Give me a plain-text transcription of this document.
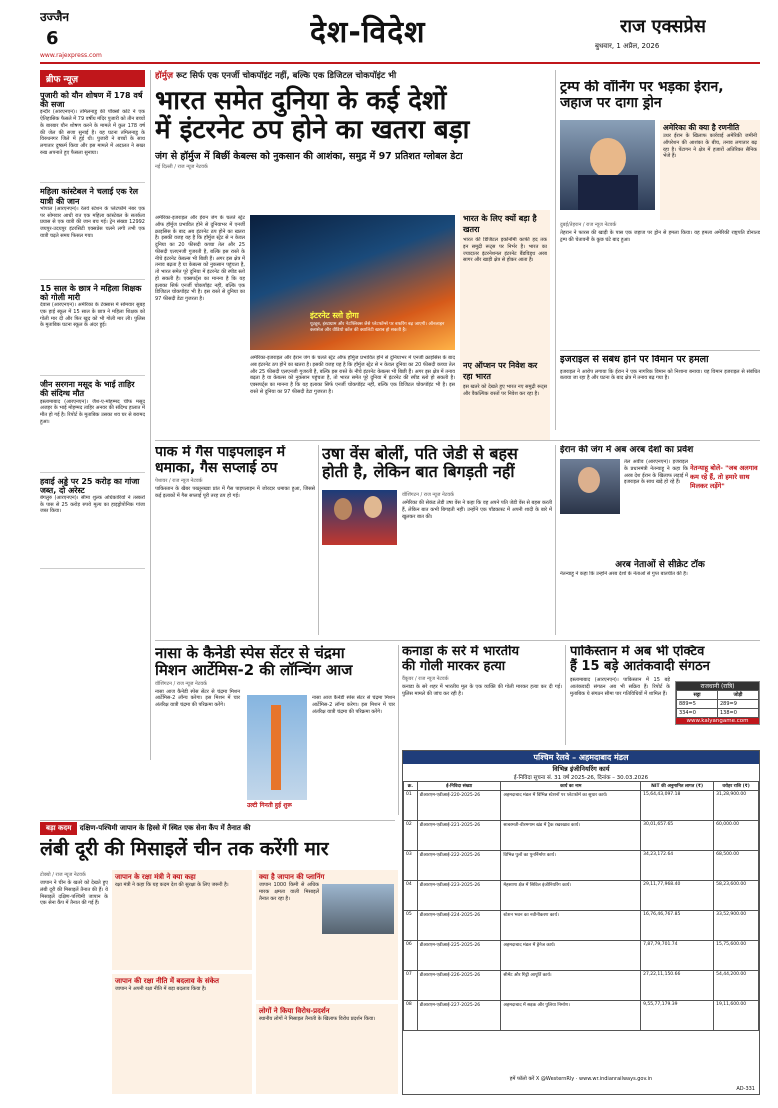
उज्जैन
6	देश-विदेश	राज एक्सप्रेस
बुधवार, 1 अप्रैल, 2026
www.rajexpress.com
ब्रीफ न्यूज़
पुजारी को यौन शोषण में 178 वर्ष की सजा
इन्दौर (आरएनएन)। तमिलनाडु की पॉक्सो कोर्ट ने एक ऐतिहासिक फैसले में 79 वर्षीय मंदिर पुजारी को तीन बच्चों के बारबार यौन शोषण करने के मामले में कुल 178 वर्ष की जेल की सजा सुनाई है। यह घटना तमिलनाडु के विरुधनगर जिले में हुई थी। पुजारी ने बच्चों के साथ लगातार दुष्कर्म किया और इस मामले में अदालत ने सख्त रुख अपनाते हुए फैसला सुनाया।
महिला कांस्टेबल ने चलाई एक रेल यात्री की जान
भोपाल (आरएनएन)। रेलवे स्टेशन के प्लेटफॉर्म नंबर एक पर सोमवार आधी रात एक महिला कांस्टेबल के सतर्कता प्रयास से एक यात्री की जान बच गई। ट्रेन संख्या 12992 जयपुर-उदयपुर इंटरसिटी एक्सप्रेस चलने लगी तभी एक यात्री चढ़ते समय फिसल गया।
15 साल के छात्र ने महिला शिक्षक को गोली मारी
देवास (आरएनएन)। अमेरिका के टेक्सास में सोमवार सुबह एक हाई स्कूल में 15 साल के छात्र ने महिला शिक्षक को गोली मार दी और फिर खुद को भी गोली मार ली। पुलिस के मुताबिक घटना स्कूल के अंदर हुई।
जीन सरगना मसूद के भाई ताहिर की संदिग्ध मौत
इस्लामाबाद (आरएनएन)। जैश-ए-मोहम्मद चीफ मसूद अजहर के भाई मोहम्मद ताहिर अनवर की संदिग्ध हालात में मौत हो गई है। रिपोर्ट के मुताबिक उसका शव घर से बरामद हुआ।
हवाई अड्डे पर 25 करोड़ का गांजा जब्त, दो अरेस्ट
बेंगलुरु (आरएनएन)। सीमा शुल्क अधिकारियों ने तस्करों के पास से 25 करोड़ रुपये मूल्य का हाइड्रोपोनिक गांजा जब्त किया।
हॉर्मुज़ रूट सिर्फ एक एनर्जी चोकपॉइंट नहीं, बल्कि एक डिजिटल चोकपॉइंट भी
भारत समेत दुनिया के कई देशों
में इंटरनेट ठप होने का खतरा बड़ा
जंग से हॉर्मुज में बिछीं केबल्स को नुकसान की आशंका, समुद्र में 97 प्रतिशत ग्लोबल डेटा
नई दिल्ली / राज न्यूज नेटवर्क
इंटरनेट स्लो होगा
यूट्यूब, इंस्टाग्राम और नेटफ्लिक्स जैसे प्लेटफॉर्म्स पर बफरिंग बढ़ जाएगी। ऑनलाइन क्लासेज और वीडियो कॉल की क्वालिटी खराब हो सकती है।
अमेरिका-इजराइल और ईरान जंग के चलते स्ट्रेट ऑफ हॉर्मुज प्रभावित होने से दुनियाभर में एनर्जी क्राइसिस के बाद अब इंटरनेट ठप होने का खतरा है। इसकी वजह यह है कि हॉर्मुज स्ट्रेट से न केवल दुनिया का 20 फीसदी कच्चा तेल और 25 फीसदी एलएनजी गुजरती है, बल्कि इस रास्ते के नीचे इंटरनेट केबल्स भी बिछी हैं। अगर इस क्षेत्र में तनाव बढ़ता है या केबल्स को नुकसान पहुंचता है, तो भारत समेत पूरे दुनिया में इंटरनेट की स्पीड स्लो हो सकती है। एक्सपर्ट्स का मानना है कि यह इलाका सिर्फ एनर्जी चोकपॉइंट नहीं, बल्कि एक डिजिटल चोकपॉइंट भी है। इस रास्ते से दुनिया का 97 फीसदी डेटा गुजरता है।
अमेरिका-इजराइल और ईरान जंग के चलते स्ट्रेट ऑफ हॉर्मुज प्रभावित होने से दुनियाभर में एनर्जी क्राइसिस के बाद अब इंटरनेट ठप होने का खतरा है। इसकी वजह यह है कि हॉर्मुज स्ट्रेट से न केवल दुनिया का 20 फीसदी कच्चा तेल और 25 फीसदी एलएनजी गुजरती है, बल्कि इस रास्ते के नीचे इंटरनेट केबल्स भी बिछी हैं। अगर इस क्षेत्र में तनाव बढ़ता है या केबल्स को नुकसान पहुंचता है, तो भारत समेत पूरे दुनिया में इंटरनेट की स्पीड स्लो हो सकती है। एक्सपर्ट्स का मानना है कि यह इलाका सिर्फ एनर्जी चोकपॉइंट नहीं, बल्कि एक डिजिटल चोकपॉइंट भी है। इस रास्ते से दुनिया का 97 फीसदी डेटा गुजरता है।
भारत के लिए क्यों बड़ा है खतरा
भारत की डिजिटल इकोनॉमी काफी हद तक इन समुद्री रूट्स पर निर्भर है। भारत का ज्यादातर इंटरनेशनल इंटरनेट बैंडविड्थ अरब सागर और खाड़ी क्षेत्र से होकर आता है।
नए ऑप्शन पर निवेश कर रहा भारत
इस खतरे को देखते हुए भारत नए समुद्री रूट्स और वैकल्पिक रास्तों पर निवेश कर रहा है।
ट्रम्प की वॉर्निंग पर भड़का ईरान, जहाज पर दागा ड्रोन
अमेरिका की क्या है रणनीति
उधर ईरान के खिलाफ कार्रवाई अमेरिकी जमीनी ऑपरेशन की आशंका के बीच, तनाव लगातार बढ़ रहा है। पेंटागन ने क्षेत्र में हजारों अतिरिक्त सैनिक भेजे हैं।
दुबई/तेहरान / राज न्यूज नेटवर्क
तेहरान ने फारस की खाड़ी के पास एक जहाज पर ड्रोन से हमला किया। यह हमला अमेरिकी राष्ट्रपति डोनाल्ड ट्रम्प की चेतावनी के कुछ घंटे बाद हुआ।
इजराइल से संबंध होने पर विमान पर हमला
इजराइल ने आरोप लगाया कि ईरान ने एक नागरिक विमान को निशाना बनाया। यह विमान इजराइल से संबंधित बताया जा रहा है और घटना के बाद क्षेत्र में तनाव बढ़ गया है।
पाक में गैस पाइपलाइन में धमाका, गैस सप्लाई ठप
पेशावर / राज न्यूज नेटवर्क
पाकिस्तान के खैबर पख्तूनख्वा प्रांत में गैस पाइपलाइन में जोरदार धमाका हुआ, जिससे कई इलाकों में गैस सप्लाई पूरी तरह ठप हो गई।
उषा वेंस बोलीं, पति जेडी से बहस
होती है, लेकिन बात बिगड़ती नहीं
वॉशिंगटन / राज न्यूज नेटवर्क
अमेरिका की सेकंड लेडी उषा वेंस ने कहा कि वह अपने पति जेडी वेंस से बहस करती हैं, लेकिन बात कभी बिगड़ती नहीं। उन्होंने एक पॉडकास्ट में अपनी शादी के बारे में खुलकर बात की।
ईरान की जंग में अब अरब देशों का प्रवेश
नेतन्याहू बोले- "जब अलगाव कम रहे हैं, तो हमारे साथ मिलकर लड़ेंगे"
तेल अवीव (आरएनएन)। इजराइल के प्रधानमंत्री नेतन्याहू ने कहा कि अरब देश ईरान के खिलाफ लड़ाई में इजराइल के साथ खड़े हो रहे हैं।
अरब नेताओं से सीक्रेट टॉक
नेतन्याहू ने कहा कि उन्होंने अरब देशों के नेताओं से गुप्त बातचीत की है।
नासा के कैनेडी स्पेस सेंटर से चंद्रमा
मिशन आर्टेमिस-2 की लॉन्चिंग आज
वॉशिंगटन / राज न्यूज नेटवर्क
नासा आज कैनेडी स्पेस सेंटर से चंद्रमा मिशन आर्टेमिस-2 लॉन्च करेगा। इस मिशन में चार अंतरिक्ष यात्री चंद्रमा की परिक्रमा करेंगे।
उल्टी गिनती हुई शुरू
नासा आज कैनेडी स्पेस सेंटर से चंद्रमा मिशन आर्टेमिस-2 लॉन्च करेगा। इस मिशन में चार अंतरिक्ष यात्री चंद्रमा की परिक्रमा करेंगे।
कनाडा के सरे में भारतीय
की गोली मारकर हत्या
वैंकूवर / राज न्यूज नेटवर्क
कनाडा के सरे शहर में भारतीय मूल के एक व्यक्ति की गोली मारकर हत्या कर दी गई। पुलिस मामले की जांच कर रही है।
पाकिस्तान में अब भी एक्टिव
हैं 15 बड़े आतंकवादी संगठन
इस्लामाबाद (आरएनएन)। पाकिस्तान में 15 बड़े आतंकवादी संगठन अब भी सक्रिय हैं। रिपोर्ट के मुताबिक ये संगठन सीमा पार गतिविधियों में शामिल हैं।
राजधानी (रात्रि)
सट्टा	जोड़ी
889=5	289=9
334=0	138=0
www.kalyangame.com
पश्चिम रेलवे – अहमदाबाद मंडल
विभिन्न इंजीनियरिंग कार्य
ई-निविदा सूचना सं. 31 वर्ष 2025-26, दिनांक – 30.03.2026
क्र.	ई-निविदा संख्या	कार्य का नाम	NIT की अनुमानित लागत (₹)	धरोहर राशि (₹)
01	डीआरएम-एडीआई-220-2025-26	अहमदाबाद मंडल में विभिन्न स्टेशनों पर प्लेटफॉर्म का सुधार कार्य।	15,64,43,097.18	31,28,900.00
02	डीआरएम-एडीआई-221-2025-26	साबरमती-वीरमगाम खंड में ट्रैक रखरखाव कार्य।	30,01,657.65	60,000.00
03	डीआरएम-एडीआई-222-2025-26	विभिन्न पुलों का पुनर्निर्माण कार्य।	34,23,172.64	68,500.00
04	डीआरएम-एडीआई-223-2025-26	मेहसाणा क्षेत्र में सिविल इंजीनियरिंग कार्य।	29,11,77,968.40	58,23,600.00
05	डीआरएम-एडीआई-224-2025-26	स्टेशन भवन का नवीनीकरण कार्य।	16,76,46,767.85	33,52,900.00
06	डीआरएम-एडीआई-225-2025-26	अहमदाबाद मंडल में ड्रेनेज कार्य।	7,87,79,701.74	15,75,600.00
07	डीआरएम-एडीआई-226-2025-26	सीमेंट और गिट्टी आपूर्ति कार्य।	27,22,11,150.66	54,44,200.00
08	डीआरएम-एडीआई-227-2025-26	अहमदाबाद में सड़क और पुलिया निर्माण।	9,55,77,179.39	19,11,600.00
हमें फॉलो करें X @WesternRly · www.wr.indianrailways.gov.in
AD-331
बड़ा कदम दक्षिण-पश्चिमी जापान के हिस्से में स्थित एक सेना कैंप में तैनात की
लंबी दूरी की मिसाइलें चीन तक करेंगी मार
टोक्यो / राज न्यूज नेटवर्क
जापान ने चीन के खतरे को देखते हुए लंबी दूरी की मिसाइलें तैनात की हैं। ये मिसाइलें दक्षिण-पश्चिमी जापान के एक सेना कैंप में तैनात की गई हैं।
जापान के रक्षा मंत्री ने क्या कहा
रक्षा मंत्री ने कहा कि यह कदम देश की सुरक्षा के लिए जरूरी है।
क्या है जापान की प्लानिंग
जापान 1000 किमी से अधिक मारक क्षमता वाली मिसाइलें तैनात कर रहा है।
जापान की रक्षा नीति में बदलाव के संकेत
जापान ने अपनी रक्षा नीति में बड़ा बदलाव किया है।
लोगों ने किया विरोध-प्रदर्शन
स्थानीय लोगों ने मिसाइल तैनाती के खिलाफ विरोध प्रदर्शन किया।
